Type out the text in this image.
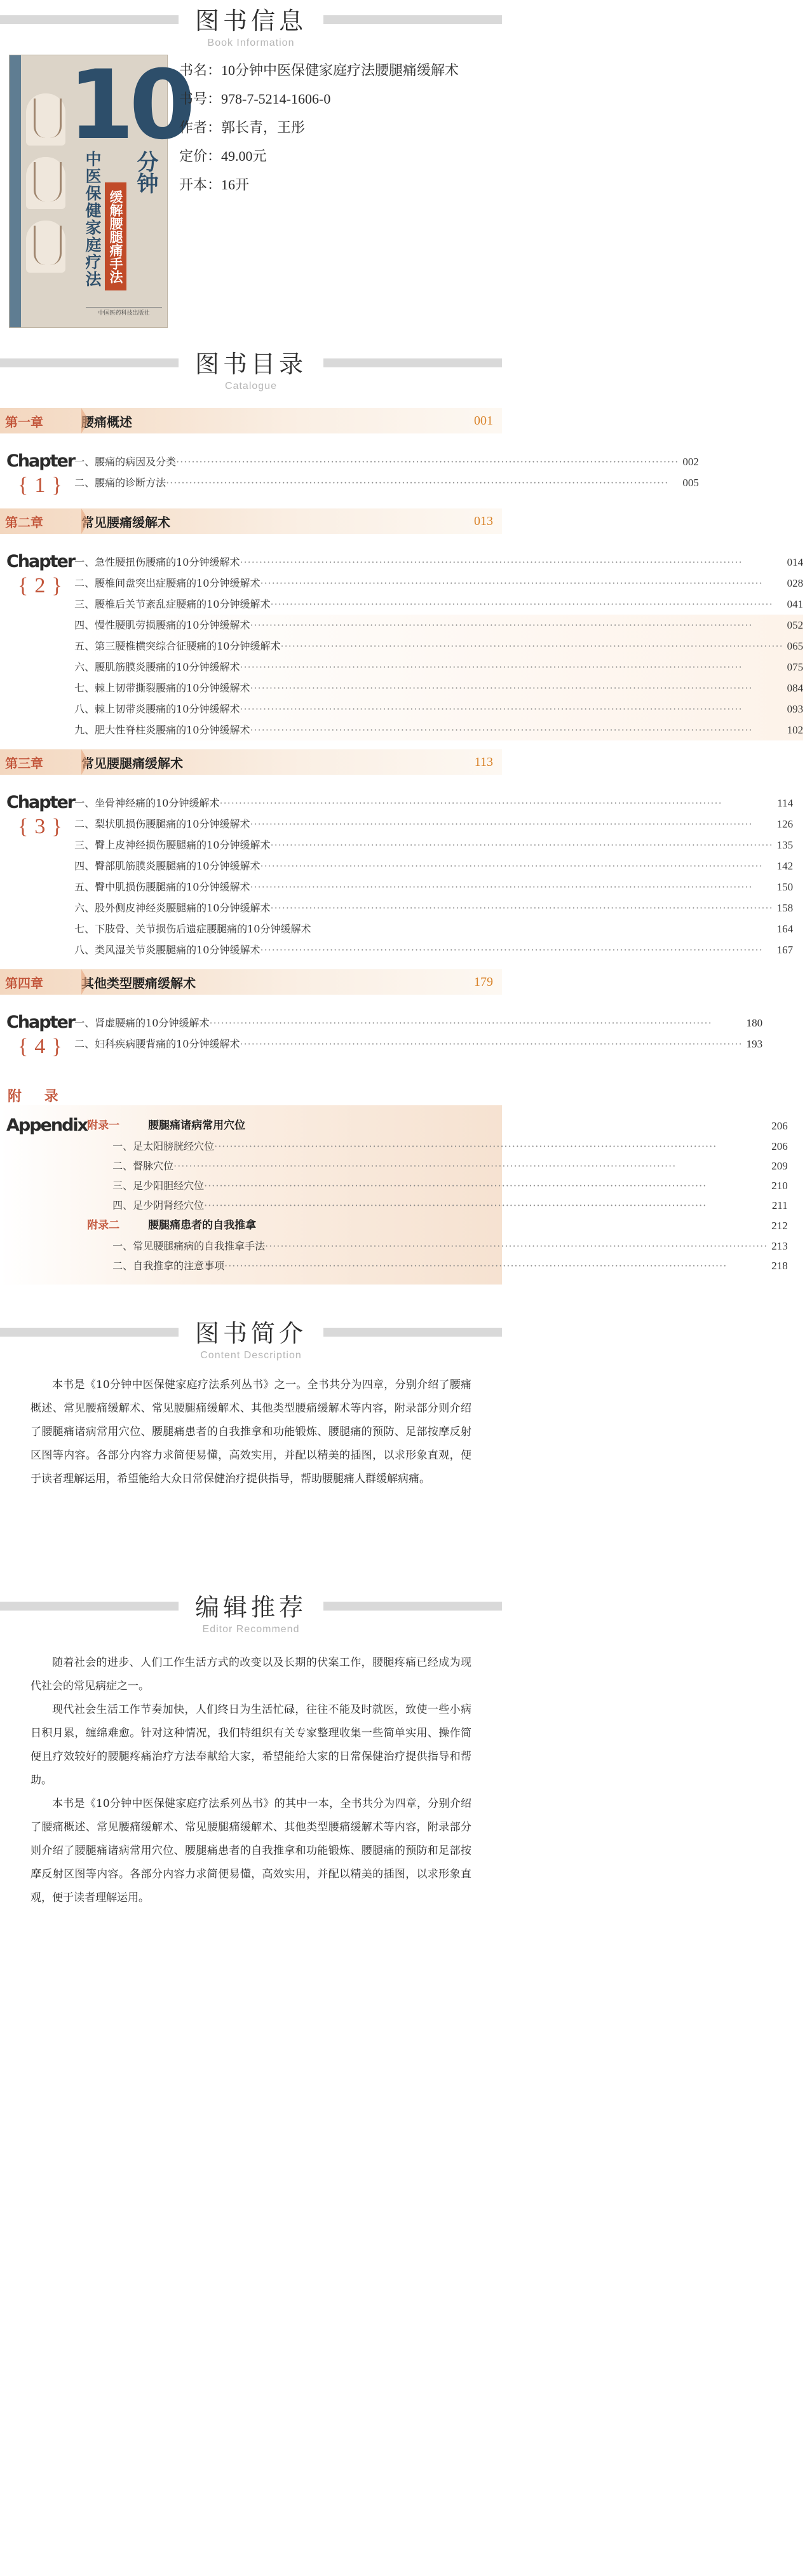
图书信息
Book Information
10
分钟
中医保健家庭疗法 缓解腰腿痛手法
中国医药科技出版社
书名：10分钟中医保健家庭疗法腰腿痛缓解术
书号：978-7-5214-1606-0
作者：郭长青，王彤
定价：49.00元
开本：16开
图书目录
Catalogue
第一章	腰痛概述	001
Chapter
{1}
一、腰痛的病因及分类 ·····	002
二、腰痛的诊断方法 ·····	005
第二章	常见腰痛缓解术	013
Chapter
{2}
一、急性腰扭伤腰痛的10分钟缓解术 ·····	014
二、腰椎间盘突出症腰痛的10分钟缓解术 ·····	028
三、腰椎后关节紊乱症腰痛的10分钟缓解术 ·····	041
四、慢性腰肌劳损腰痛的10分钟缓解术 ·····	052
五、第三腰椎横突综合征腰痛的10分钟缓解术 ·····	065
六、腰肌筋膜炎腰痛的10分钟缓解术 ·····	075
七、棘上韧带撕裂腰痛的10分钟缓解术 ·····	084
八、棘上韧带炎腰痛的10分钟缓解术 ·····	093
九、肥大性脊柱炎腰痛的10分钟缓解术 ·····	102
第三章	常见腰腿痛缓解术	113
Chapter
{3}
一、坐骨神经痛的10分钟缓解术 ·····	114
二、梨状肌损伤腰腿痛的10分钟缓解术 ·····	126
三、臀上皮神经损伤腰腿痛的10分钟缓解术 ·····	135
四、臀部肌筋膜炎腰腿痛的10分钟缓解术 ·····	142
五、臀中肌损伤腰腿痛的10分钟缓解术 ·····	150
六、股外侧皮神经炎腰腿痛的10分钟缓解术 ·····	158
七、下肢骨、关节损伤后遗症腰腿痛的10分钟缓解术	164
八、类风湿关节炎腰腿痛的10分钟缓解术 ·····	167
第四章	其他类型腰痛缓解术	179
Chapter
{4}
一、肾虚腰痛的10分钟缓解术 ·····	180
二、妇科疾病腰背痛的10分钟缓解术 ·····	193
附 录
Appendix 附录一	腰腿痛诸病常用穴位	206
一、足太阳膀胱经穴位 ·····	206
二、督脉穴位 ·····	209
三、足少阳胆经穴位 ·····	210
四、足少阴肾经穴位 ·····	211
附录二	腰腿痛患者的自我推拿	212
一、常见腰腿痛病的自我推拿手法 ·····	213
二、自我推拿的注意事项 ·····	218
图书简介
Content Description

本书是《10分钟中医保健家庭疗法系列丛书》之一。全书共分为四章，分别介绍了腰痛概述、常见腰痛缓解术、常见腰腿痛缓解术、其他类型腰痛缓解术等内容，附录部分则介绍了腰腿痛诸病常用穴位、腰腿痛患者的自我推拿和功能锻炼、腰腿痛的预防、足部按摩反射区图等内容。各部分内容力求简便易懂，高效实用，并配以精美的插图，以求形象直观，便于读者理解运用，希望能给大众日常保健治疗提供指导，帮助腰腿痛人群缓解病痛。

编辑推荐
Editor Recommend

随着社会的进步、人们工作生活方式的改变以及长期的伏案工作，腰腿疼痛已经成为现代社会的常见病症之一。

现代社会生活工作节奏加快，人们终日为生活忙碌，往往不能及时就医，致使一些小病日积月累，缠绵难愈。针对这种情况，我们特组织有关专家整理收集一些简单实用、操作简便且疗效较好的腰腿疼痛治疗方法奉献给大家，希望能给大家的日常保健治疗提供指导和帮助。

本书是《10分钟中医保健家庭疗法系列丛书》的其中一本，全书共分为四章，分别介绍了腰痛概述、常见腰痛缓解术、常见腰腿痛缓解术、其他类型腰痛缓解术等内容，附录部分则介绍了腰腿痛诸病常用穴位、腰腿痛患者的自我推拿和功能锻炼、腰腿痛的预防和足部按摩反射区图等内容。各部分内容力求简便易懂，高效实用，并配以精美的插图，以求形象直观，便于读者理解运用。
